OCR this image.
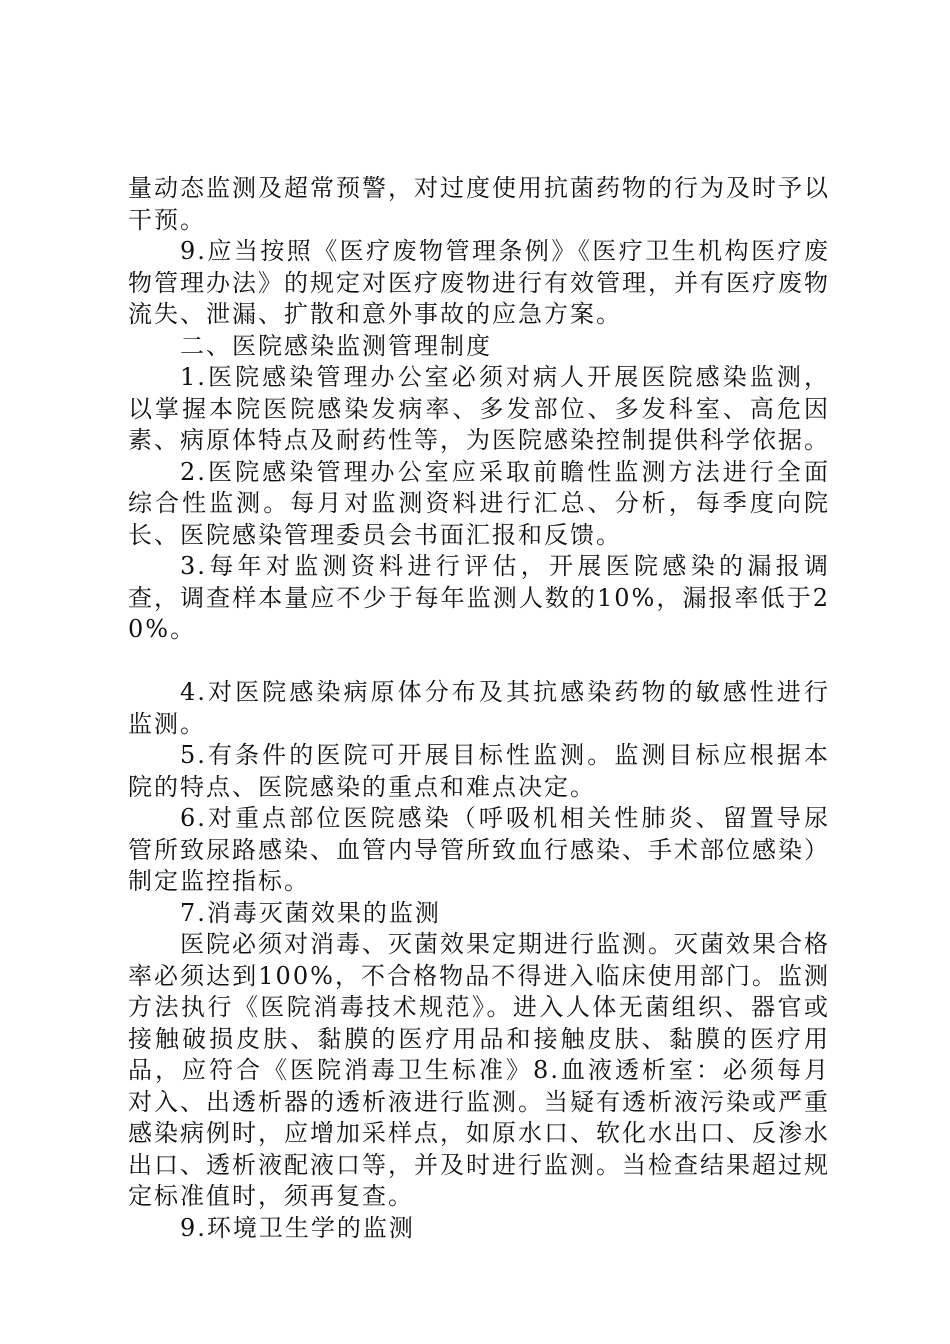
量动态监测及超常预警，对过度使用抗菌药物的行为及时予以干预。

9.应当按照《医疗废物管理条例》《医疗卫生机构医疗废物管理办法》的规定对医疗废物进行有效管理，并有医疗废物流失、泄漏、扩散和意外事故的应急方案。

二、医院感染监测管理制度

1.医院感染管理办公室必须对病人开展医院感染监测，以掌握本院医院感染发病率、多发部位、多发科室、高危因素、病原体特点及耐药性等，为医院感染控制提供科学依据。

2.医院感染管理办公室应采取前瞻性监测方法进行全面综合性监测。每月对监测资料进行汇总、分析，每季度向院长、医院感染管理委员会书面汇报和反馈。

3.每年对监测资料进行评估，开展医院感染的漏报调查，调查样本量应不少于每年监测人数的10%，漏报率低于20%。

4.对医院感染病原体分布及其抗感染药物的敏感性进行监测。

5.有条件的医院可开展目标性监测。监测目标应根据本院的特点、医院感染的重点和难点决定。

6.对重点部位医院感染（呼吸机相关性肺炎、留置导尿管所致尿路感染、血管内导管所致血行感染、手术部位感染）制定监控指标。

7.消毒灭菌效果的监测

医院必须对消毒、灭菌效果定期进行监测。灭菌效果合格率必须达到100%，不合格物品不得进入临床使用部门。监测方法执行《医院消毒技术规范》。进入人体无菌组织、器官或接触破损皮肤、黏膜的医疗用品和接触皮肤、黏膜的医疗用品，应符合《医院消毒卫生标准》8.血液透析室：必须每月对入、出透析器的透析液进行监测。当疑有透析液污染或严重感染病例时，应增加采样点，如原水口、软化水出口、反渗水出口、透析液配液口等，并及时进行监测。当检查结果超过规定标准值时，须再复查。

9.环境卫生学的监测
